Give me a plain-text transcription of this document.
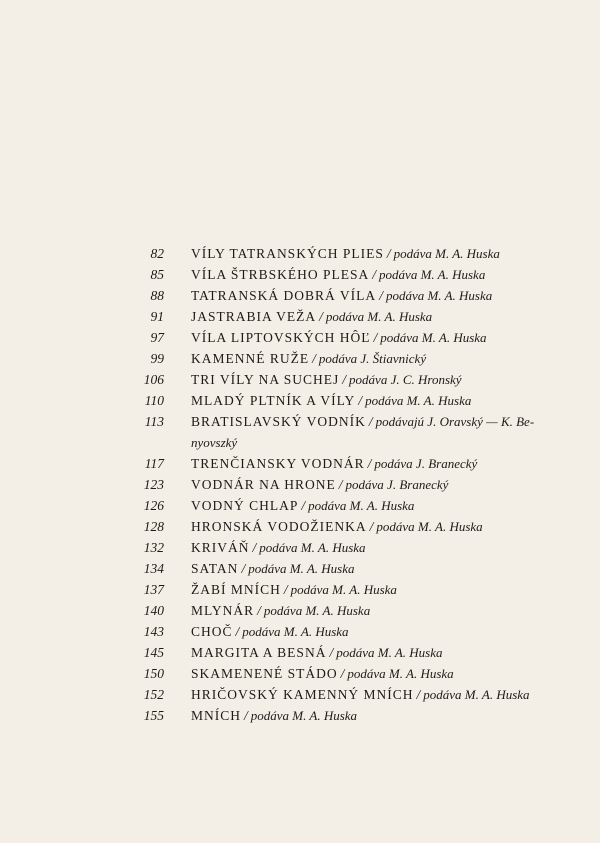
82 VÍLY TATRANSKÝCH PLIES / podáva M. A. Huska
85 VÍLA ŠTRBSKÉHO PLESA / podáva M. A. Huska
88 TATRANSKÁ DOBRÁ VÍLA / podáva M. A. Huska
91 JASTRABIA VEŽA / podáva M. A. Huska
97 VÍLA LIPTOVSKÝCH HÔĽ / podáva M. A. Huska
99 KAMENNÉ RUŽE / podáva J. Štiavnický
106 TRI VÍLY NA SUCHEJ / podáva J. C. Hronský
110 MLADÝ PLTNÍK A VÍLY / podáva M. A. Huska
113 BRATISLAVSKÝ VODNÍK / podávajú J. Oravský — K. Be-
nyovszký
117 TRENČIANSKY VODNÁR / podáva J. Branecký
123 VODNÁR NA HRONE / podáva J. Branecký
126 VODNÝ CHLAP / podáva M. A. Huska
128 HRONSKÁ VODOŽIENKA / podáva M. A. Huska
132 KRIVÁŇ / podáva M. A. Huska
134 SATAN / podáva M. A. Huska
137 ŽABÍ MNÍCH / podáva M. A. Huska
140 MLYNÁR / podáva M. A. Huska
143 CHOČ / podáva M. A. Huska
145 MARGITA A BESNÁ / podáva M. A. Huska
150 SKAMENENÉ STÁDO / podáva M. A. Huska
152 HRIČOVSKÝ KAMENNÝ MNÍCH / podáva M. A. Huska
155 MNÍCH / podáva M. A. Huska
